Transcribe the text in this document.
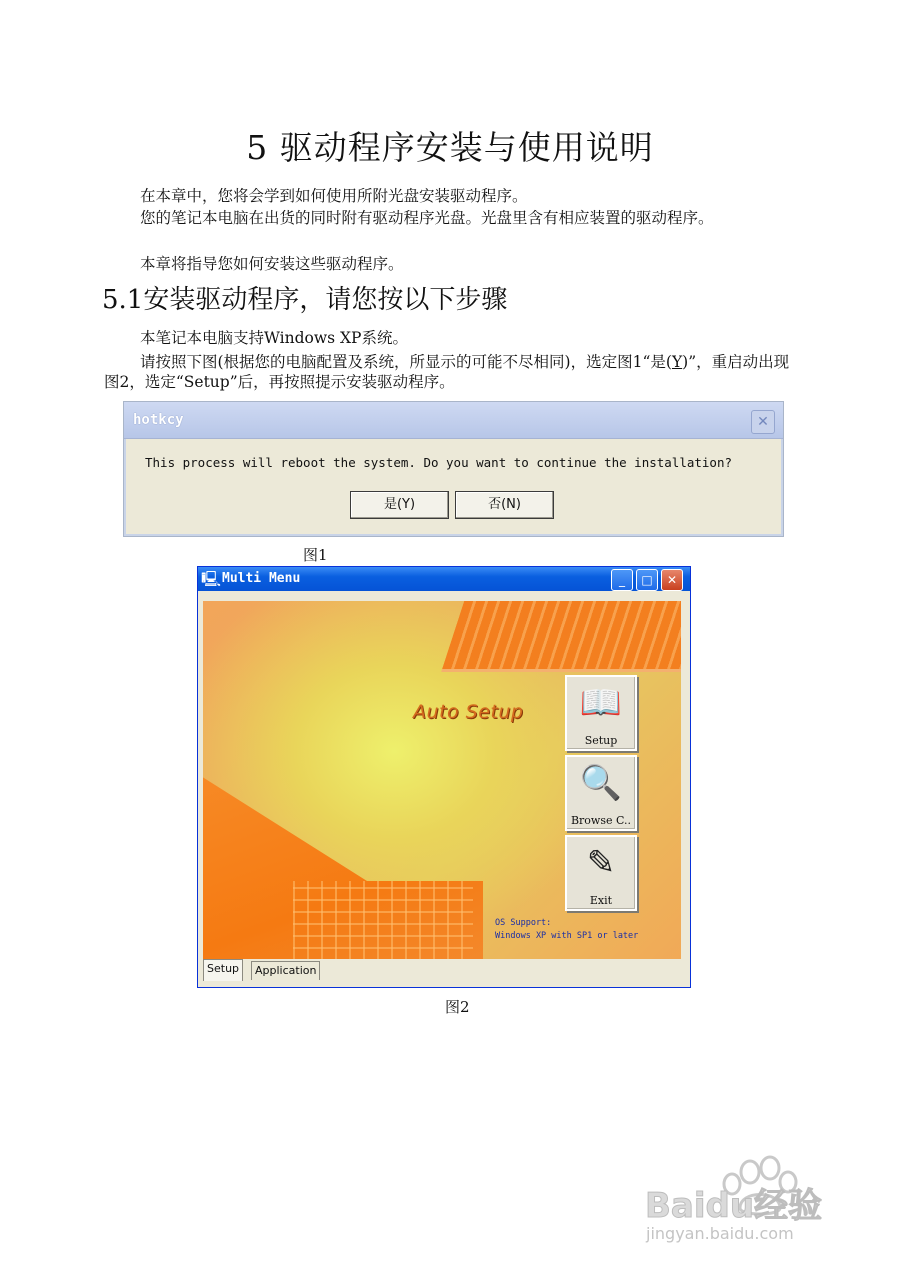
5 驱动程序安装与使用说明
在本章中，您将会学到如何使用所附光盘安装驱动程序。
您的笔记本电脑在出货的同时附有驱动程序光盘。光盘里含有相应装置的驱动程序。
本章将指导您如何安装这些驱动程序。
5.1安装驱动程序，请您按以下步骤
本笔记本电脑支持Windows XP系统。
请按照下图(根据您的电脑配置及系统，所显示的可能不尽相同)，选定图1“是(Y)”，重启动出现图2，选定“Setup”后，再按照提示安装驱动程序。
hotkcy	✕
This process will reboot the system. Do you want to continue the installation?
是(Y)	否(N)
图1
🖳 Multi Menu	_	□	✕
Auto Setup	📖
Setup
🔍
Browse C..
✎
Exit
OS Support:
Windows XP with SP1 or later
Setup	Application
图2
Baidu经验
jingyan.baidu.com
